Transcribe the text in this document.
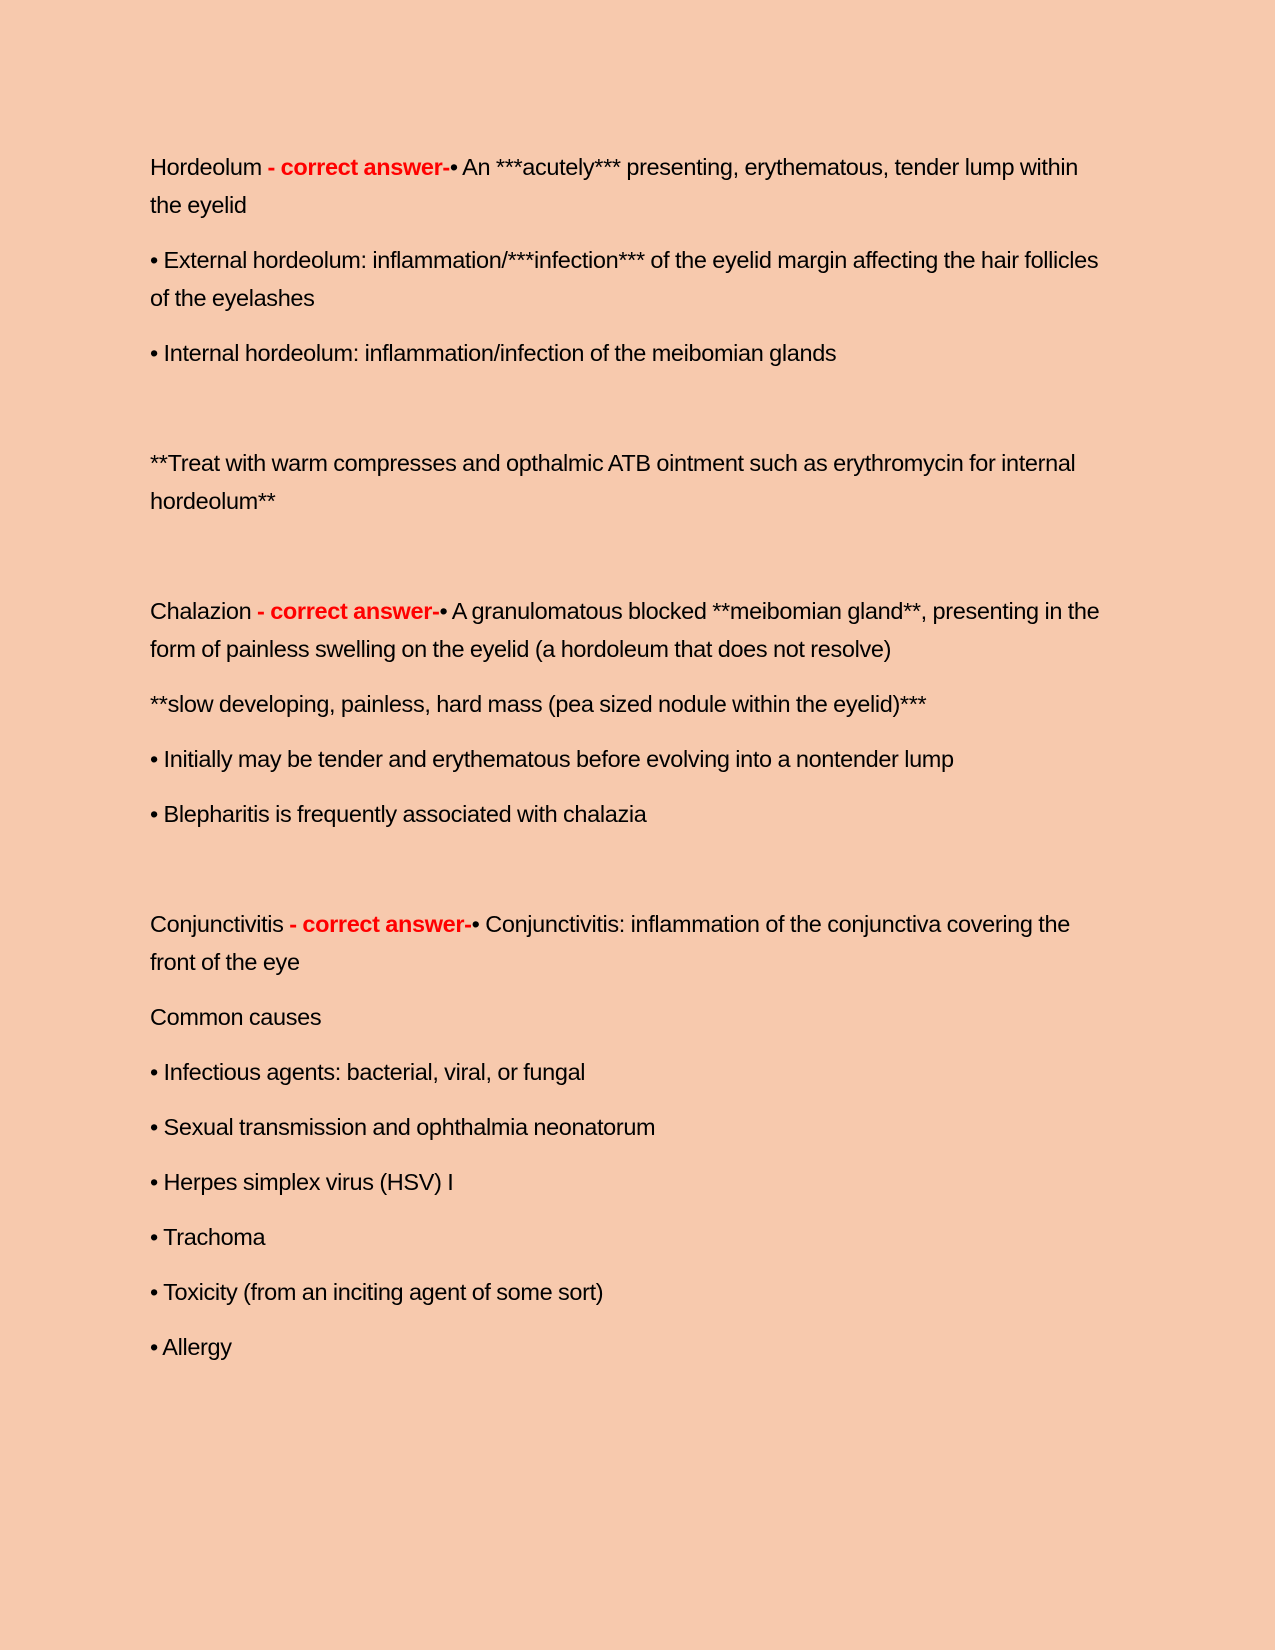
Hordeolum - correct answer-• An ***acutely*** presenting, erythematous, tender lump within the eyelid

• External hordeolum: inflammation/***infection*** of the eyelid margin affecting the hair follicles of the eyelashes

• Internal hordeolum: inflammation/infection of the meibomian glands

**Treat with warm compresses and opthalmic ATB ointment such as erythromycin for internal hordeolum**

Chalazion - correct answer-• A granulomatous blocked **meibomian gland**, presenting in the form of painless swelling on the eyelid (a hordoleum that does not resolve)

**slow developing, painless, hard mass (pea sized nodule within the eyelid)***

• Initially may be tender and erythematous before evolving into a nontender lump

• Blepharitis is frequently associated with chalazia

Conjunctivitis - correct answer-• Conjunctivitis: inflammation of the conjunctiva covering the front of the eye

Common causes

• Infectious agents: bacterial, viral, or fungal

• Sexual transmission and ophthalmia neonatorum

• Herpes simplex virus (HSV) I

• Trachoma

• Toxicity (from an inciting agent of some sort)

• Allergy
